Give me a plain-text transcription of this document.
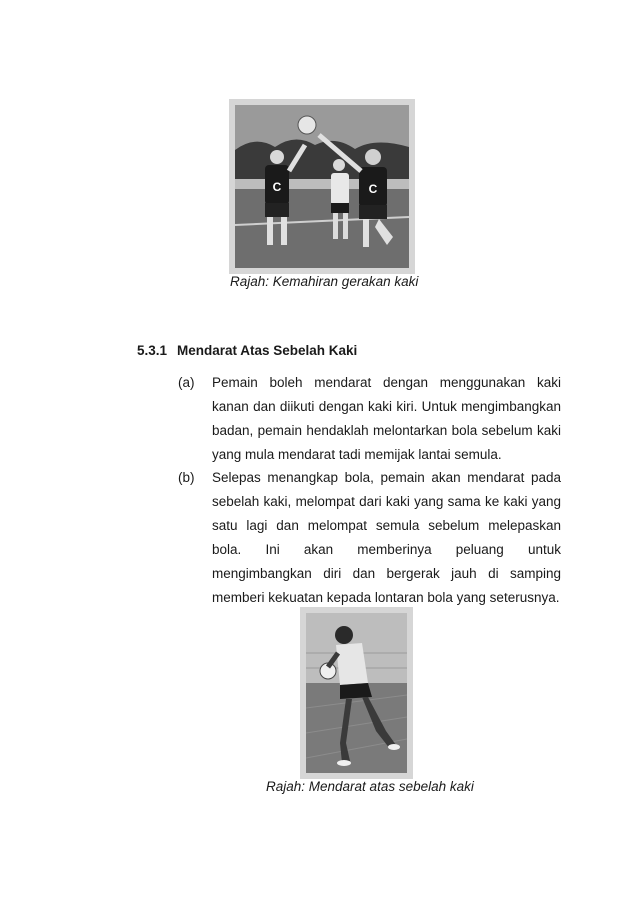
C	C
Rajah: Kemahiran gerakan kaki
5.3.1 Mendarat Atas Sebelah Kaki

(a) Pemain boleh mendarat dengan menggunakan kaki kanan dan diikuti dengan kaki kiri. Untuk mengimbangkan badan, pemain hendaklah melontarkan bola sebelum kaki yang mula mendarat tadi memijak lantai semula.

(b) Selepas menangkap bola, pemain akan mendarat pada sebelah kaki, melompat dari kaki yang sama ke kaki yang satu lagi dan melompat semula sebelum melepaskan bola. Ini akan memberinya peluang untuk mengimbangkan diri dan bergerak jauh di samping memberi kekuatan kepada lontaran bola yang seterusnya.

Rajah: Mendarat atas sebelah kaki
